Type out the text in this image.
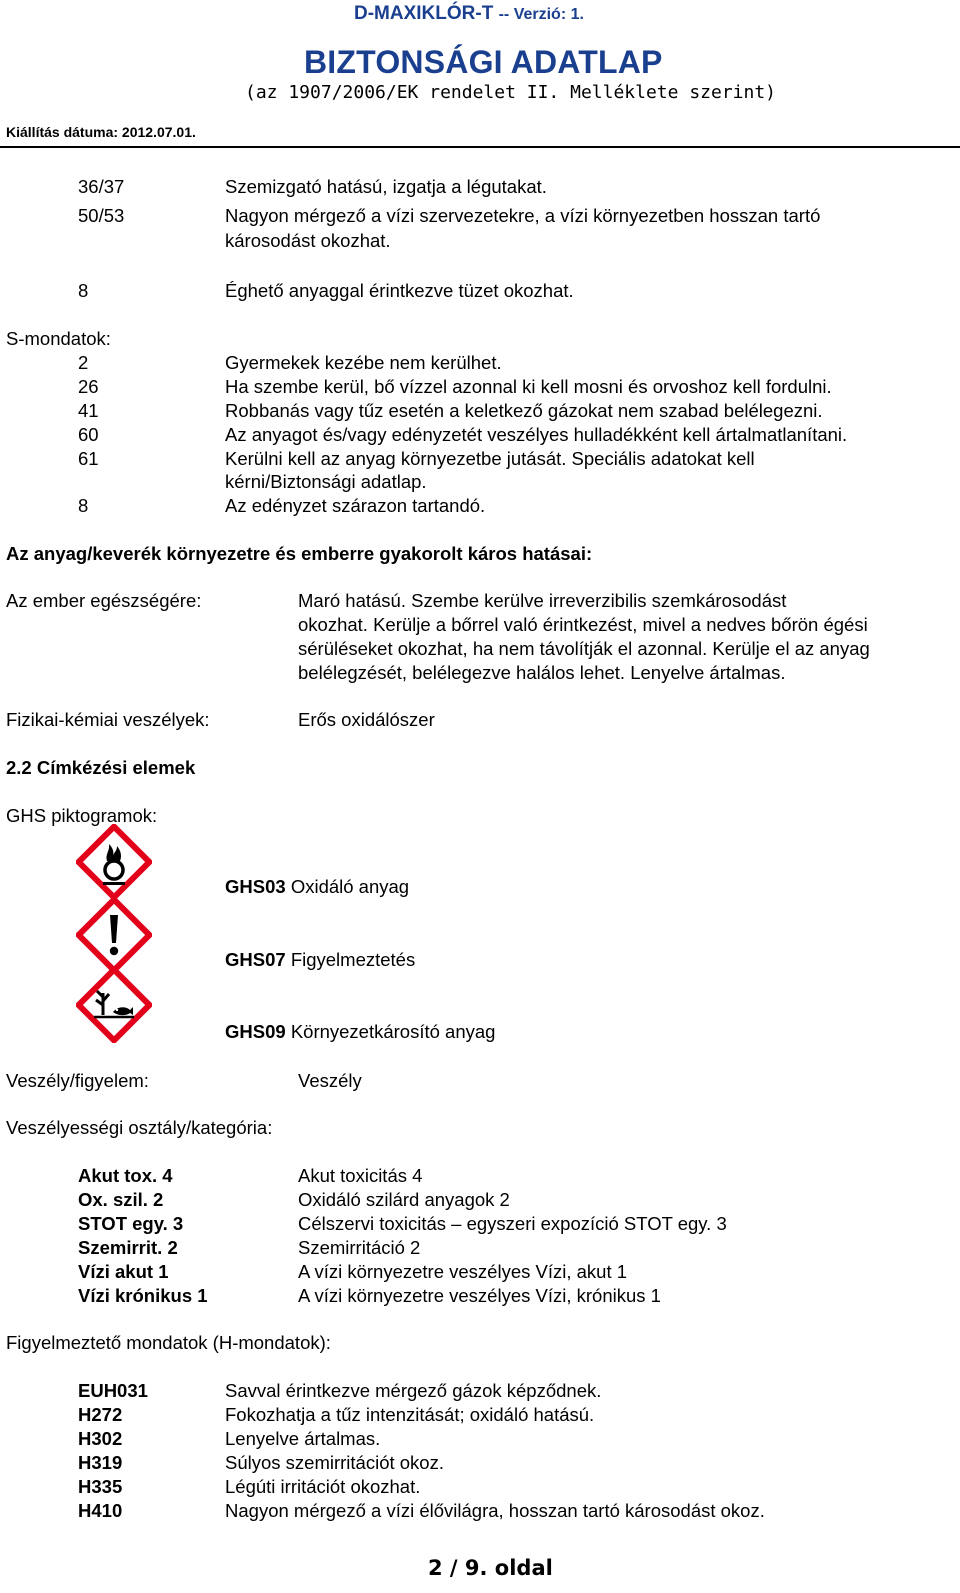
D-MAXIKLÓR-T -- Verzió: 1.
BIZTONSÁGI ADATLAP
(az 1907/2006/EK rendelet II. Melléklete szerint)
Kiállítás dátuma: 2012.07.01.
36/37	Szemizgató hatású, izgatja a légutakat.
50/53	Nagyon mérgező a vízi szervezetekre, a vízi környezetben hosszan tartó
károsodást okozhat.
8	Éghető anyaggal érintkezve tüzet okozhat.
S-mondatok:
2	Gyermekek kezébe nem kerülhet.
26	Ha szembe kerül, bő vízzel azonnal ki kell mosni és orvoshoz kell fordulni.
41	Robbanás vagy tűz esetén a keletkező gázokat nem szabad belélegezni.
60	Az anyagot és/vagy edényzetét veszélyes hulladékként kell ártalmatlanítani.
61	Kerülni kell az anyag környezetbe jutását. Speciális adatokat kell
kérni/Biztonsági adatlap.
8	Az edényzet szárazon tartandó.
Az anyag/keverék környezetre és emberre gyakorolt káros hatásai:
Az ember egészségére:	Maró hatású. Szembe kerülve irreverzibilis szemkárosodást
okozhat. Kerülje a bőrrel való érintkezést, mivel a nedves bőrön égési
sérüléseket okozhat, ha nem távolítják el azonnal. Kerülje el az anyag
belélegzését, belélegezve halálos lehet. Lenyelve ártalmas.
Fizikai-kémiai veszélyek:	Erős oxidálószer
2.2 Címkézési elemek
GHS piktogramok:
GHS03 Oxidáló anyag
GHS07 Figyelmeztetés
GHS09 Környezetkárosító anyag
Veszély/figyelem:	Veszély
Veszélyességi osztály/kategória:
Akut tox. 4	Akut toxicitás 4
Ox. szil. 2	Oxidáló szilárd anyagok 2
STOT egy. 3	Célszervi toxicitás – egyszeri expozíció STOT egy. 3
Szemirrit. 2	Szemirritáció 2
Vízi akut 1	A vízi környezetre veszélyes Vízi, akut 1
Vízi krónikus 1	A vízi környezetre veszélyes Vízi, krónikus 1
Figyelmeztető mondatok (H-mondatok):
EUH031	Savval érintkezve mérgező gázok képződnek.
H272	Fokozhatja a tűz intenzitását; oxidáló hatású.
H302	Lenyelve ártalmas.
H319	Súlyos szemirritációt okoz.
H335	Légúti irritációt okozhat.
H410	Nagyon mérgező a vízi élővilágra, hosszan tartó károsodást okoz.
2 / 9. oldal
